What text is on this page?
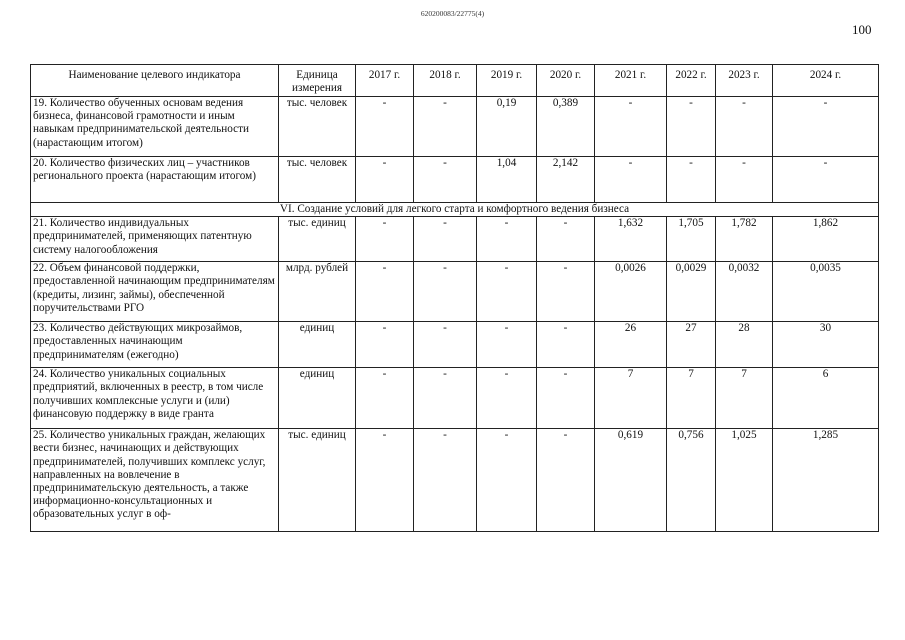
620200083/22775(4)
100
Наименование целевого индикатора	Единица измерения	2017 г.	2018 г.	2019 г.	2020 г.	2021 г.	2022 г.	2023 г.	2024 г.
19. Количество обученных основам ведения бизнеса, финансовой грамотности и иным навыкам предпринимательской деятельности (нарастающим итогом)	тыс. человек	-	-	0,19	0,389	-	-	-	-
20. Количество физических лиц – участников регионального проекта (нарастающим итогом)	тыс. человек	-	-	1,04	2,142	-	-	-	-
VI. Создание условий для легкого старта и комфортного ведения бизнеса									
21. Количество индивидуальных предпринимателей, применяющих патентную систему налогообложения	тыс. единиц	-	-	-	-	1,632	1,705	1,782	1,862
22. Объем финансовой поддержки, предоставленной начинающим предпринимателям (кредиты, лизинг, займы), обеспеченной поручительствами РГО	млрд. рублей	-	-	-	-	0,0026	0,0029	0,0032	0,0035
23. Количество действующих микрозаймов, предоставленных начинающим предпринимателям (ежегодно)	единиц	-	-	-	-	26	27	28	30
24. Количество уникальных социальных предприятий, включенных в реестр, в том числе получивших комплексные услуги и (или) финансовую поддержку в виде гранта	единиц	-	-	-	-	7	7	7	6
25. Количество уникальных граждан, желающих вести бизнес, начинающих и действующих предпринимателей, получивших комплекс услуг, направленных на вовлечение в предпринимательскую деятельность, а также информационно-консультационных и образовательных услуг в оф-	тыс. единиц	-	-	-	-	0,619	0,756	1,025	1,285
